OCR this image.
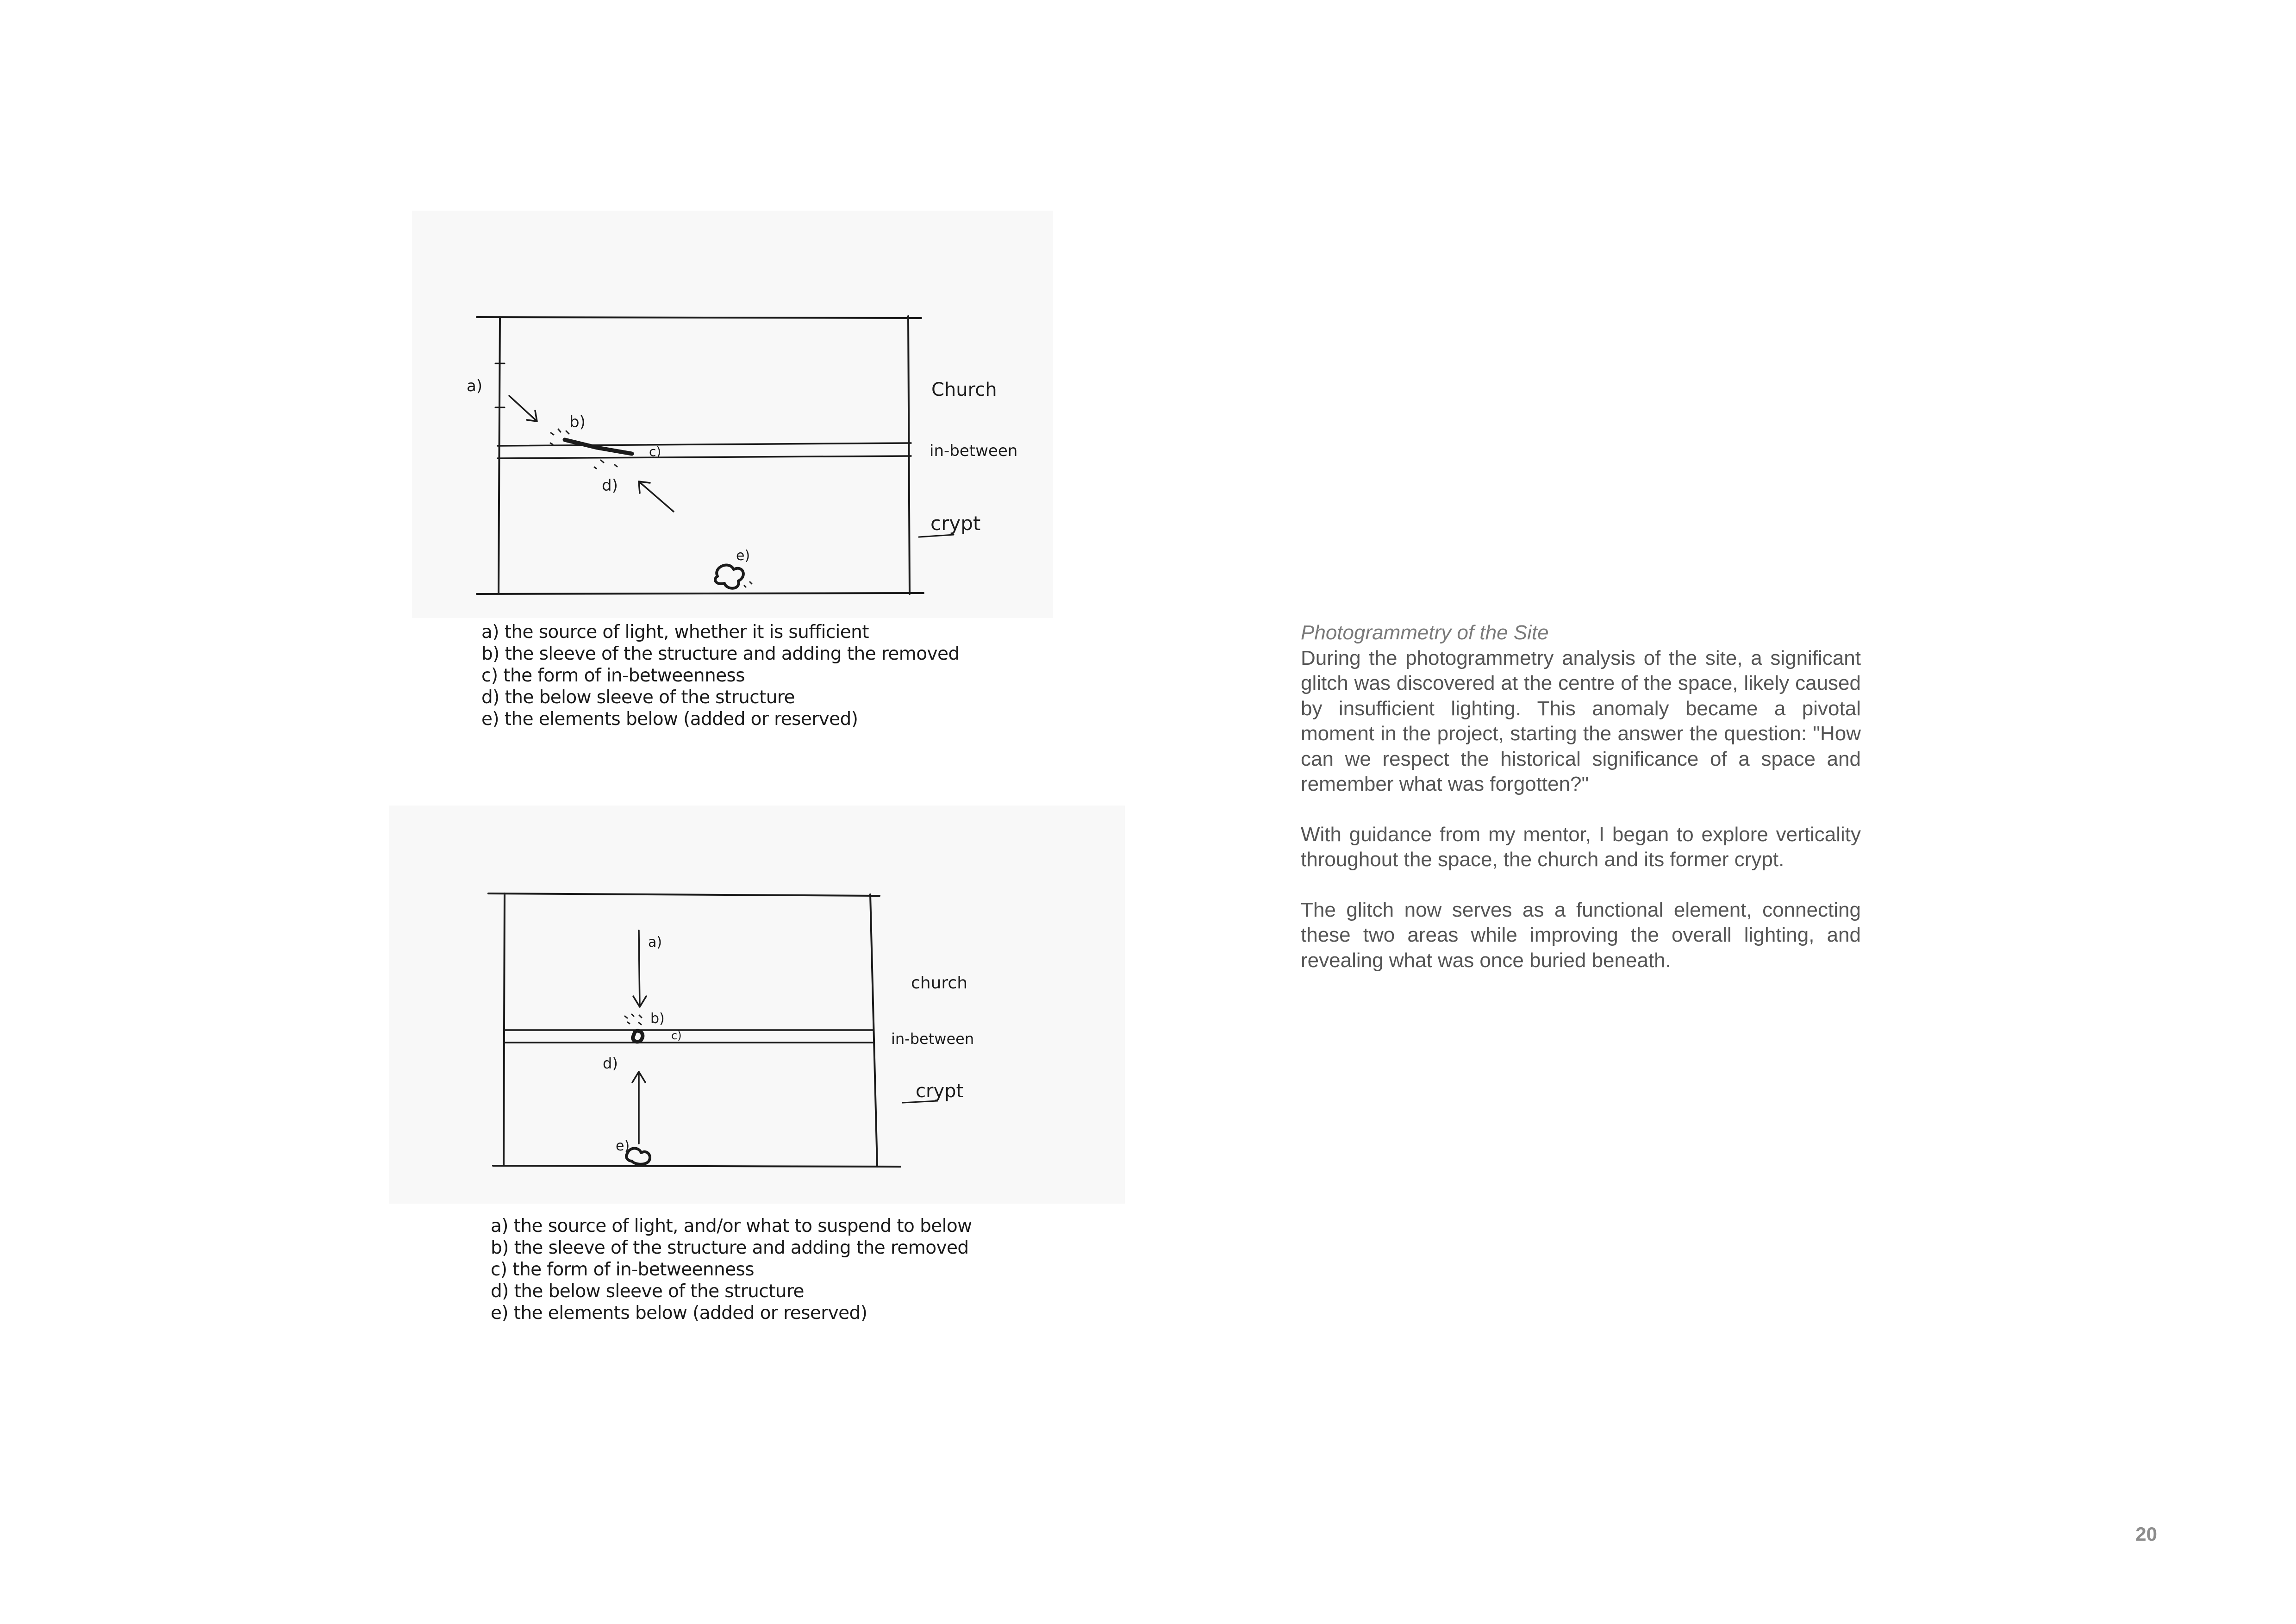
a)
b)
c)
d)
e)
Church
in-between
crypt
a) the source of light, whether it is sufficient
b) the sleeve of the structure and adding the removed
c) the form of in-betweenness
d) the below sleeve of the structure
e) the elements below (added or reserved)
a)
b)
c)
d)
e)
church
in-between
crypt
a) the source of light, and/or what to suspend to below
b) the sleeve of the structure and adding the removed
c) the form of in-betweenness
d) the below sleeve of the structure
e) the elements below (added or reserved)
Photogrammetry of the Site

During the photogrammetry analysis of the site, a significant glitch was discovered at the centre of the space, likely caused by insufficient lighting. This anomaly became a pivotal moment in the project, starting the answer the question: "How can we respect the historical significance of a space and remember what was forgotten?"

With guidance from my mentor, I began to explore verticality throughout the space, the church and its former crypt.

The glitch now serves as a functional element, connecting these two areas while improving the overall lighting, and revealing what was once buried beneath.

20
